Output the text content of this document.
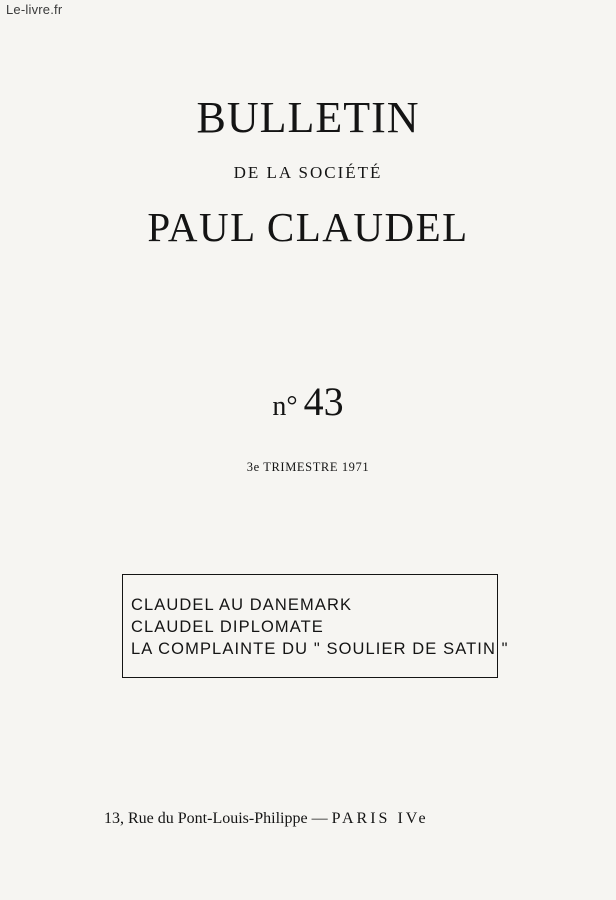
Le-livre.fr
BULLETIN
DE LA SOCIÉTÉ
PAUL CLAUDEL
n° 43
3e TRIMESTRE 1971
CLAUDEL AU DANEMARK
CLAUDEL DIPLOMATE
LA COMPLAINTE DU " SOULIER DE SATIN "
13, Rue du Pont-Louis-Philippe — PARIS IVe
